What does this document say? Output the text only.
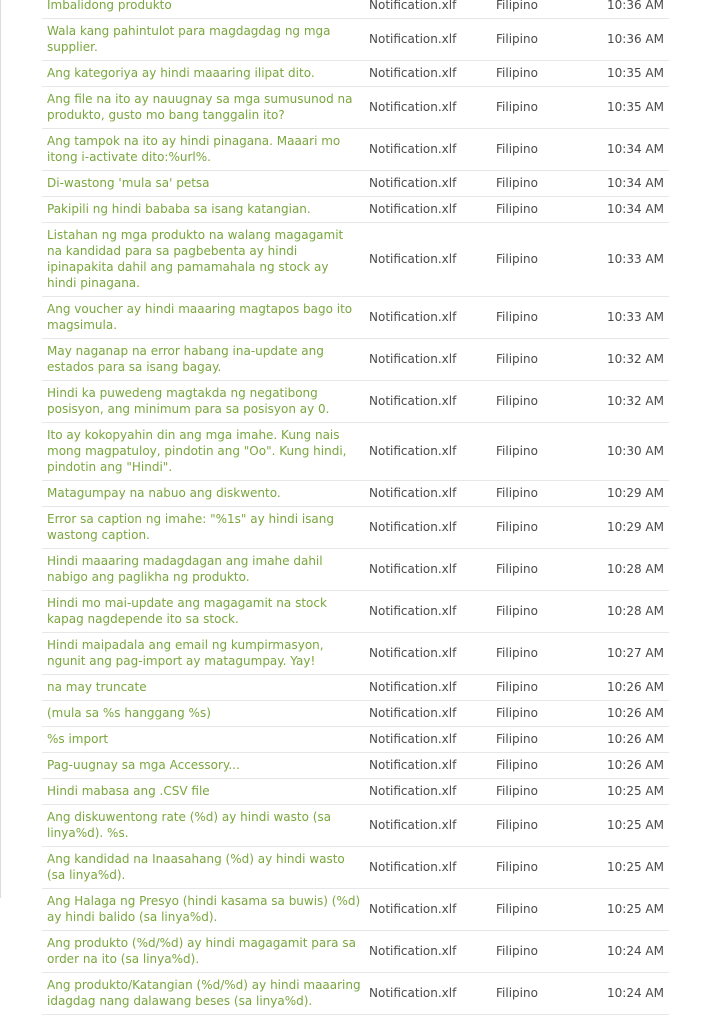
Imbalidong produkto	Notification.xlf	Filipino	10:36 AM
Wala kang pahintulot para magdagdag ng mga supplier.	Notification.xlf	Filipino	10:36 AM
Ang kategoriya ay hindi maaaring ilipat dito.	Notification.xlf	Filipino	10:35 AM
Ang file na ito ay nauugnay sa mga sumusunod na produkto, gusto mo bang tanggalin ito?	Notification.xlf	Filipino	10:35 AM
Ang tampok na ito ay hindi pinagana. Maaari mo itong i-activate dito:%url%.	Notification.xlf	Filipino	10:34 AM
Di-wastong 'mula sa' petsa	Notification.xlf	Filipino	10:34 AM
Pakipili ng hindi bababa sa isang katangian.	Notification.xlf	Filipino	10:34 AM
Listahan ng mga produkto na walang magagamit na kandidad para sa pagbebenta ay hindi ipinapakita dahil ang pamamahala ng stock ay hindi pinagana.	Notification.xlf	Filipino	10:33 AM
Ang voucher ay hindi maaaring magtapos bago ito magsimula.	Notification.xlf	Filipino	10:33 AM
May naganap na error habang ina-update ang estados para sa isang bagay.	Notification.xlf	Filipino	10:32 AM
Hindi ka puwedeng magtakda ng negatibong posisyon, ang minimum para sa posisyon ay 0.	Notification.xlf	Filipino	10:32 AM
Ito ay kokopyahin din ang mga imahe. Kung nais mong magpatuloy, pindotin ang "Oo". Kung hindi, pindotin ang "Hindi".	Notification.xlf	Filipino	10:30 AM
Matagumpay na nabuo ang diskwento.	Notification.xlf	Filipino	10:29 AM
Error sa caption ng imahe: "%1s" ay hindi isang wastong caption.	Notification.xlf	Filipino	10:29 AM
Hindi maaaring madagdagan ang imahe dahil nabigo ang paglikha ng produkto.	Notification.xlf	Filipino	10:28 AM
Hindi mo mai-update ang magagamit na stock kapag nagdepende ito sa stock.	Notification.xlf	Filipino	10:28 AM
Hindi maipadala ang email ng kumpirmasyon, ngunit ang pag-import ay matagumpay. Yay!	Notification.xlf	Filipino	10:27 AM
na may truncate	Notification.xlf	Filipino	10:26 AM
(mula sa %s hanggang %s)	Notification.xlf	Filipino	10:26 AM
%s import	Notification.xlf	Filipino	10:26 AM
Pag-uugnay sa mga Accessory...	Notification.xlf	Filipino	10:26 AM
Hindi mabasa ang .CSV file	Notification.xlf	Filipino	10:25 AM
Ang diskuwentong rate (%d) ay hindi wasto (sa linya%d). %s.	Notification.xlf	Filipino	10:25 AM
Ang kandidad na Inaasahang (%d) ay hindi wasto (sa linya%d).	Notification.xlf	Filipino	10:25 AM
Ang Halaga ng Presyo (hindi kasama sa buwis) (%d) ay hindi balido (sa linya%d).	Notification.xlf	Filipino	10:25 AM
Ang produkto (%d/%d) ay hindi magagamit para sa order na ito (sa linya%d).	Notification.xlf	Filipino	10:24 AM
Ang produkto/Katangian (%d/%d) ay hindi maaaring idagdag nang dalawang beses (sa linya%d).	Notification.xlf	Filipino	10:24 AM
